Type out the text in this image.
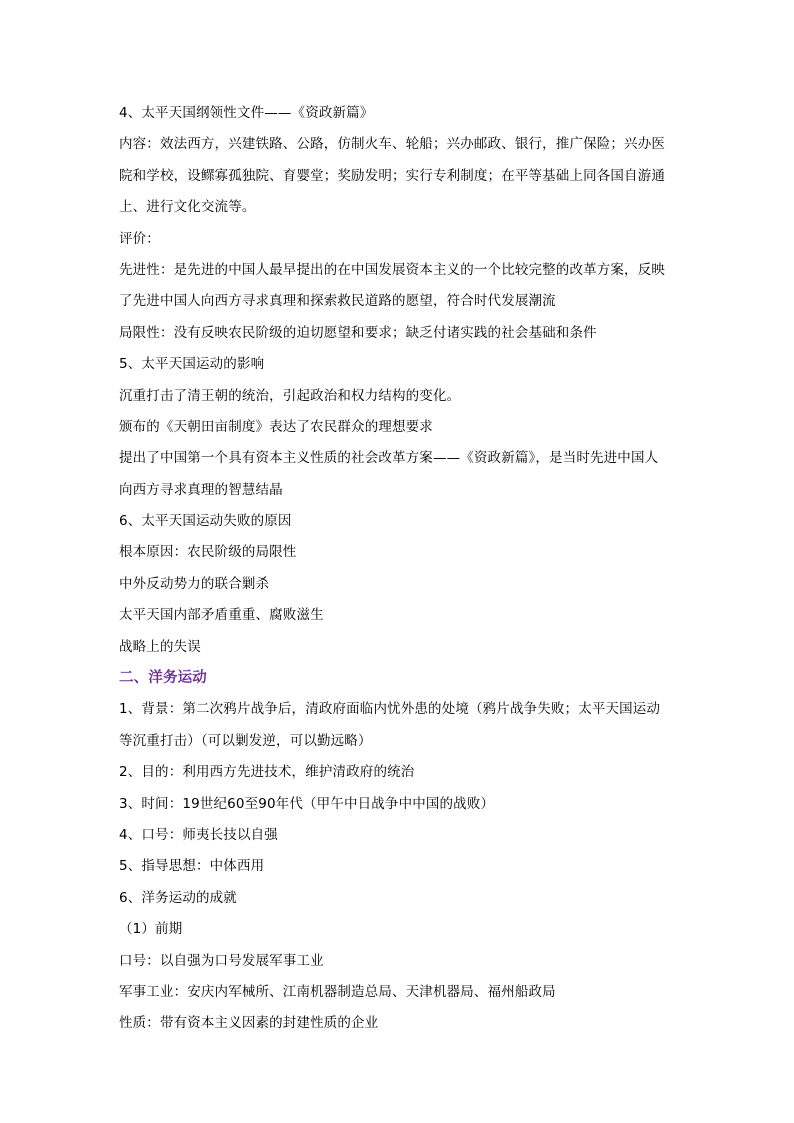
4、太平天国纲领性文件——《资政新篇》
内容：效法西方，兴建铁路、公路，仿制火车、轮船；兴办邮政、银行，推广保险；兴办医
院和学校，设鳏寡孤独院、育婴堂；奖励发明；实行专利制度；在平等基础上同各国自游通
上、进行文化交流等。
评价：
先进性：是先进的中国人最早提出的在中国发展资本主义的一个比较完整的改革方案，反映
了先进中国人向西方寻求真理和探索救民道路的愿望，符合时代发展潮流
局限性：没有反映农民阶级的迫切愿望和要求；缺乏付诸实践的社会基础和条件
5、太平天国运动的影响
沉重打击了清王朝的统治，引起政治和权力结构的变化。
颁布的《天朝田亩制度》表达了农民群众的理想要求
提出了中国第一个具有资本主义性质的社会改革方案——《资政新篇》，是当时先进中国人
向西方寻求真理的智慧结晶
6、太平天国运动失败的原因
根本原因：农民阶级的局限性
中外反动势力的联合剿杀
太平天国内部矛盾重重、腐败滋生
战略上的失误
二、洋务运动
1、背景：第二次鸦片战争后，清政府面临内忧外患的处境（鸦片战争失败；太平天国运动
等沉重打击）（可以剿发逆，可以勤远略）
2、目的：利用西方先进技术，维护清政府的统治
3、时间：19世纪60至90年代（甲午中日战争中中国的战败）
4、口号：师夷长技以自强
5、指导思想：中体西用
6、洋务运动的成就
（1）前期
口号：以自强为口号发展军事工业
军事工业：安庆内军械所、江南机器制造总局、天津机器局、福州船政局
性质：带有资本主义因素的封建性质的企业
